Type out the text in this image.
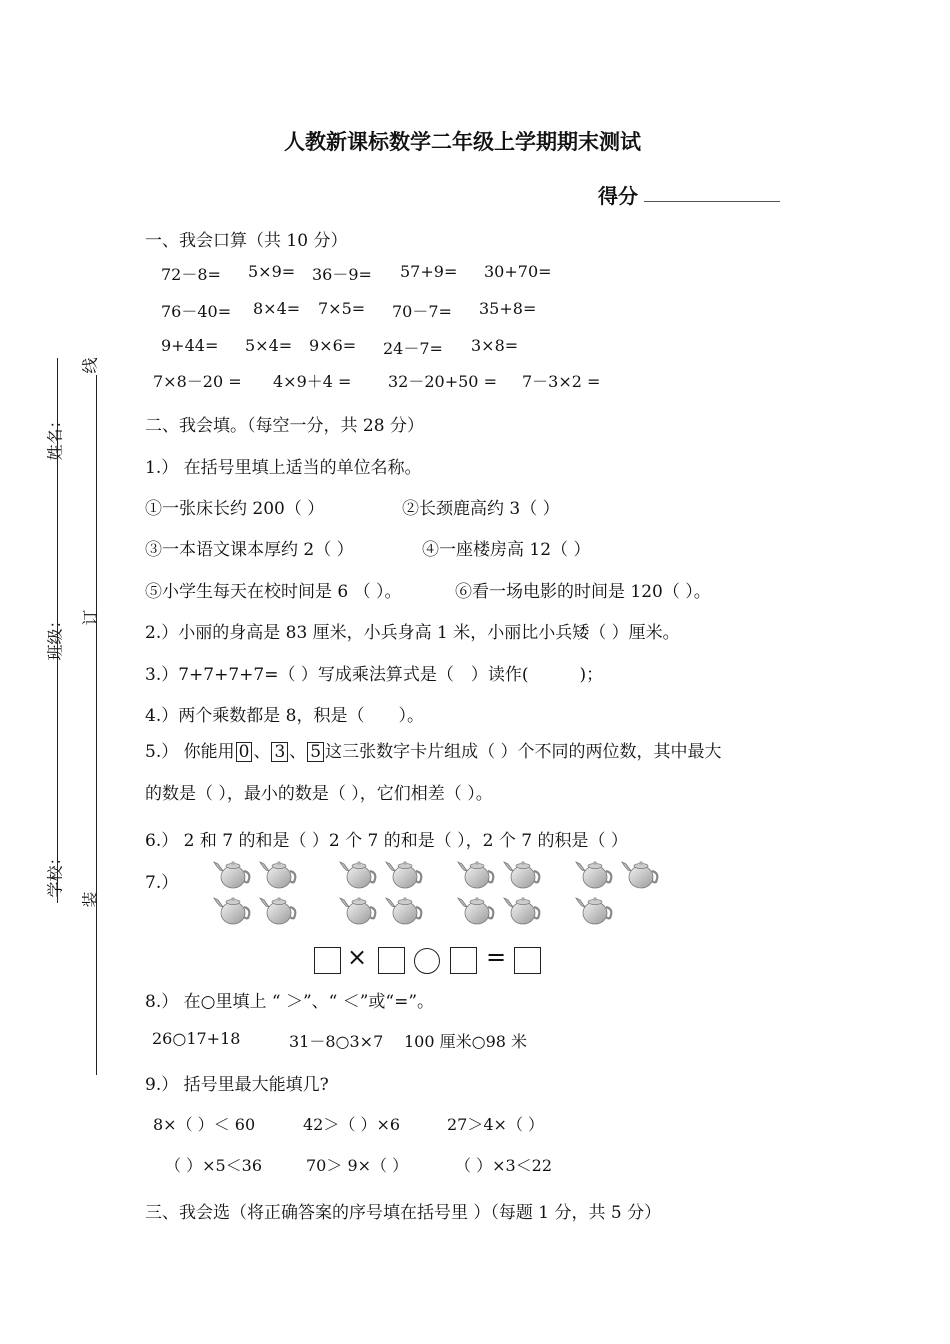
人教新课标数学二年级上学期期末测试
得分
线
订
装
姓名：
班级：
学校：
一、我会口算（共 10 分）
72－8= 5×9= 36－9= 57+9= 30+70=
76－40= 8×4= 7×5= 70－7= 35+8=
9+44= 5×4= 9×6= 24－7= 3×8=
7×8－20 = 4×9＋4 = 32－20+50 = 7－3×2 =
二、我会填。（每空一分，共 28 分）
1.） 在括号里填上适当的单位名称。
①一张床长约 200（ ）	②长颈鹿高约 3（ ）
③一本语文课本厚约 2（ ）	④一座楼房高 12（ ）
⑤小学生每天在校时间是 6 （ ）。	⑥看一场电影的时间是 120（ ）。
2.）小丽的身高是 83 厘米，小兵身高 1 米，小丽比小兵矮（ ）厘米。
3.）7+7+7+7=（ ）写成乘法算式是（　）读作(　　　)；
4.）两个乘数都是 8，积是（　　）。
5.） 你能用 0 、 3 、 5 这三张数字卡片组成（ ）个不同的两位数，其中最大
的数是（ ），最小的数是（ ），它们相差（ ）。
6.） 2 和 7 的和是（ ）2 个 7 的和是（ ），2 个 7 的积是（ ）
7.）
×	=
8.） 在○里填上 “ ＞”、“ ＜”或“=”。
26○17+18	31－8○3×7 100 厘米○98 米
9.） 括号里最大能填几?
8×（ ）＜ 60	42＞（ ）×6	27＞4×（ ）
（ ）×5＜36	70＞ 9×（ ）	（ ）×3＜22
三、我会选（将正确答案的序号填在括号里 ）（每题 1 分，共 5 分）
